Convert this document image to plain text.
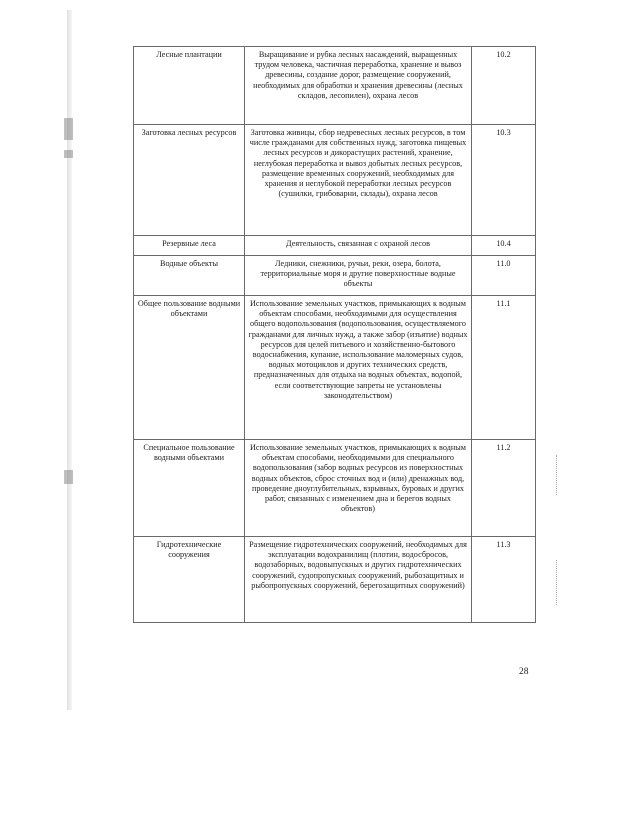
Лесные плантации	Выращивание и рубка лесных насаждений, выращенных трудом человека, частичная переработка, хранение и вывоз древесины, создание дорог, размещение сооружений, необходимых для обработки и хранения древесины (лесных складов, лесопилен), охрана лесов	10.2
Заготовка лесных ресурсов	Заготовка живицы, сбор недревесных лесных ресурсов, в том числе гражданами для собственных нужд, заготовка пищевых лесных ресурсов и дикорастущих растений, хранение, неглубокая переработка и вывоз добытых лесных ресурсов, размещение временных сооружений, необходимых для хранения и неглубокой переработки лесных ресурсов (сушилки, грибоварни, склады), охрана лесов	10.3
Резервные леса	Деятельность, связанная с охраной лесов	10.4
Водные объекты	Ледники, снежники, ручьи, реки, озера, болота, территориальные моря и другие поверхностные водные объекты	11.0
Общее пользование водными объектами	Использование земельных участков, примыкающих к водным объектам способами, необходимыми для осуществления общего водопользования (водопользования, осуществляемого гражданами для личных нужд, а также забор (изъятие) водных ресурсов для целей питьевого и хозяйственно-бытового водоснабжения, купание, использование маломерных судов, водных мотоциклов и других технических средств, предназначенных для отдыха на водных объектах, водопой, если соответствующие запреты не установлены законодательством)	11.1
Специальное пользование водными объектами	Использование земельных участков, примыкающих к водным объектам способами, необходимыми для специального водопользования (забор водных ресурсов из поверхностных водных объектов, сброс сточных вод и (или) дренажных вод, проведение дноуглубительных, взрывных, буровых и других работ, связанных с изменением дна и берегов водных объектов)	11.2
Гидротехнические сооружения	Размещение гидротехнических сооружений, необходимых для эксплуатации водохранилищ (плотин, водосбросов, водозаборных, водовыпускных и других гидротехнических сооружений, судопропускных сооружений, рыбозащитных и рыбопропускных сооружений, берегозащитных сооружений)	11.3
28
